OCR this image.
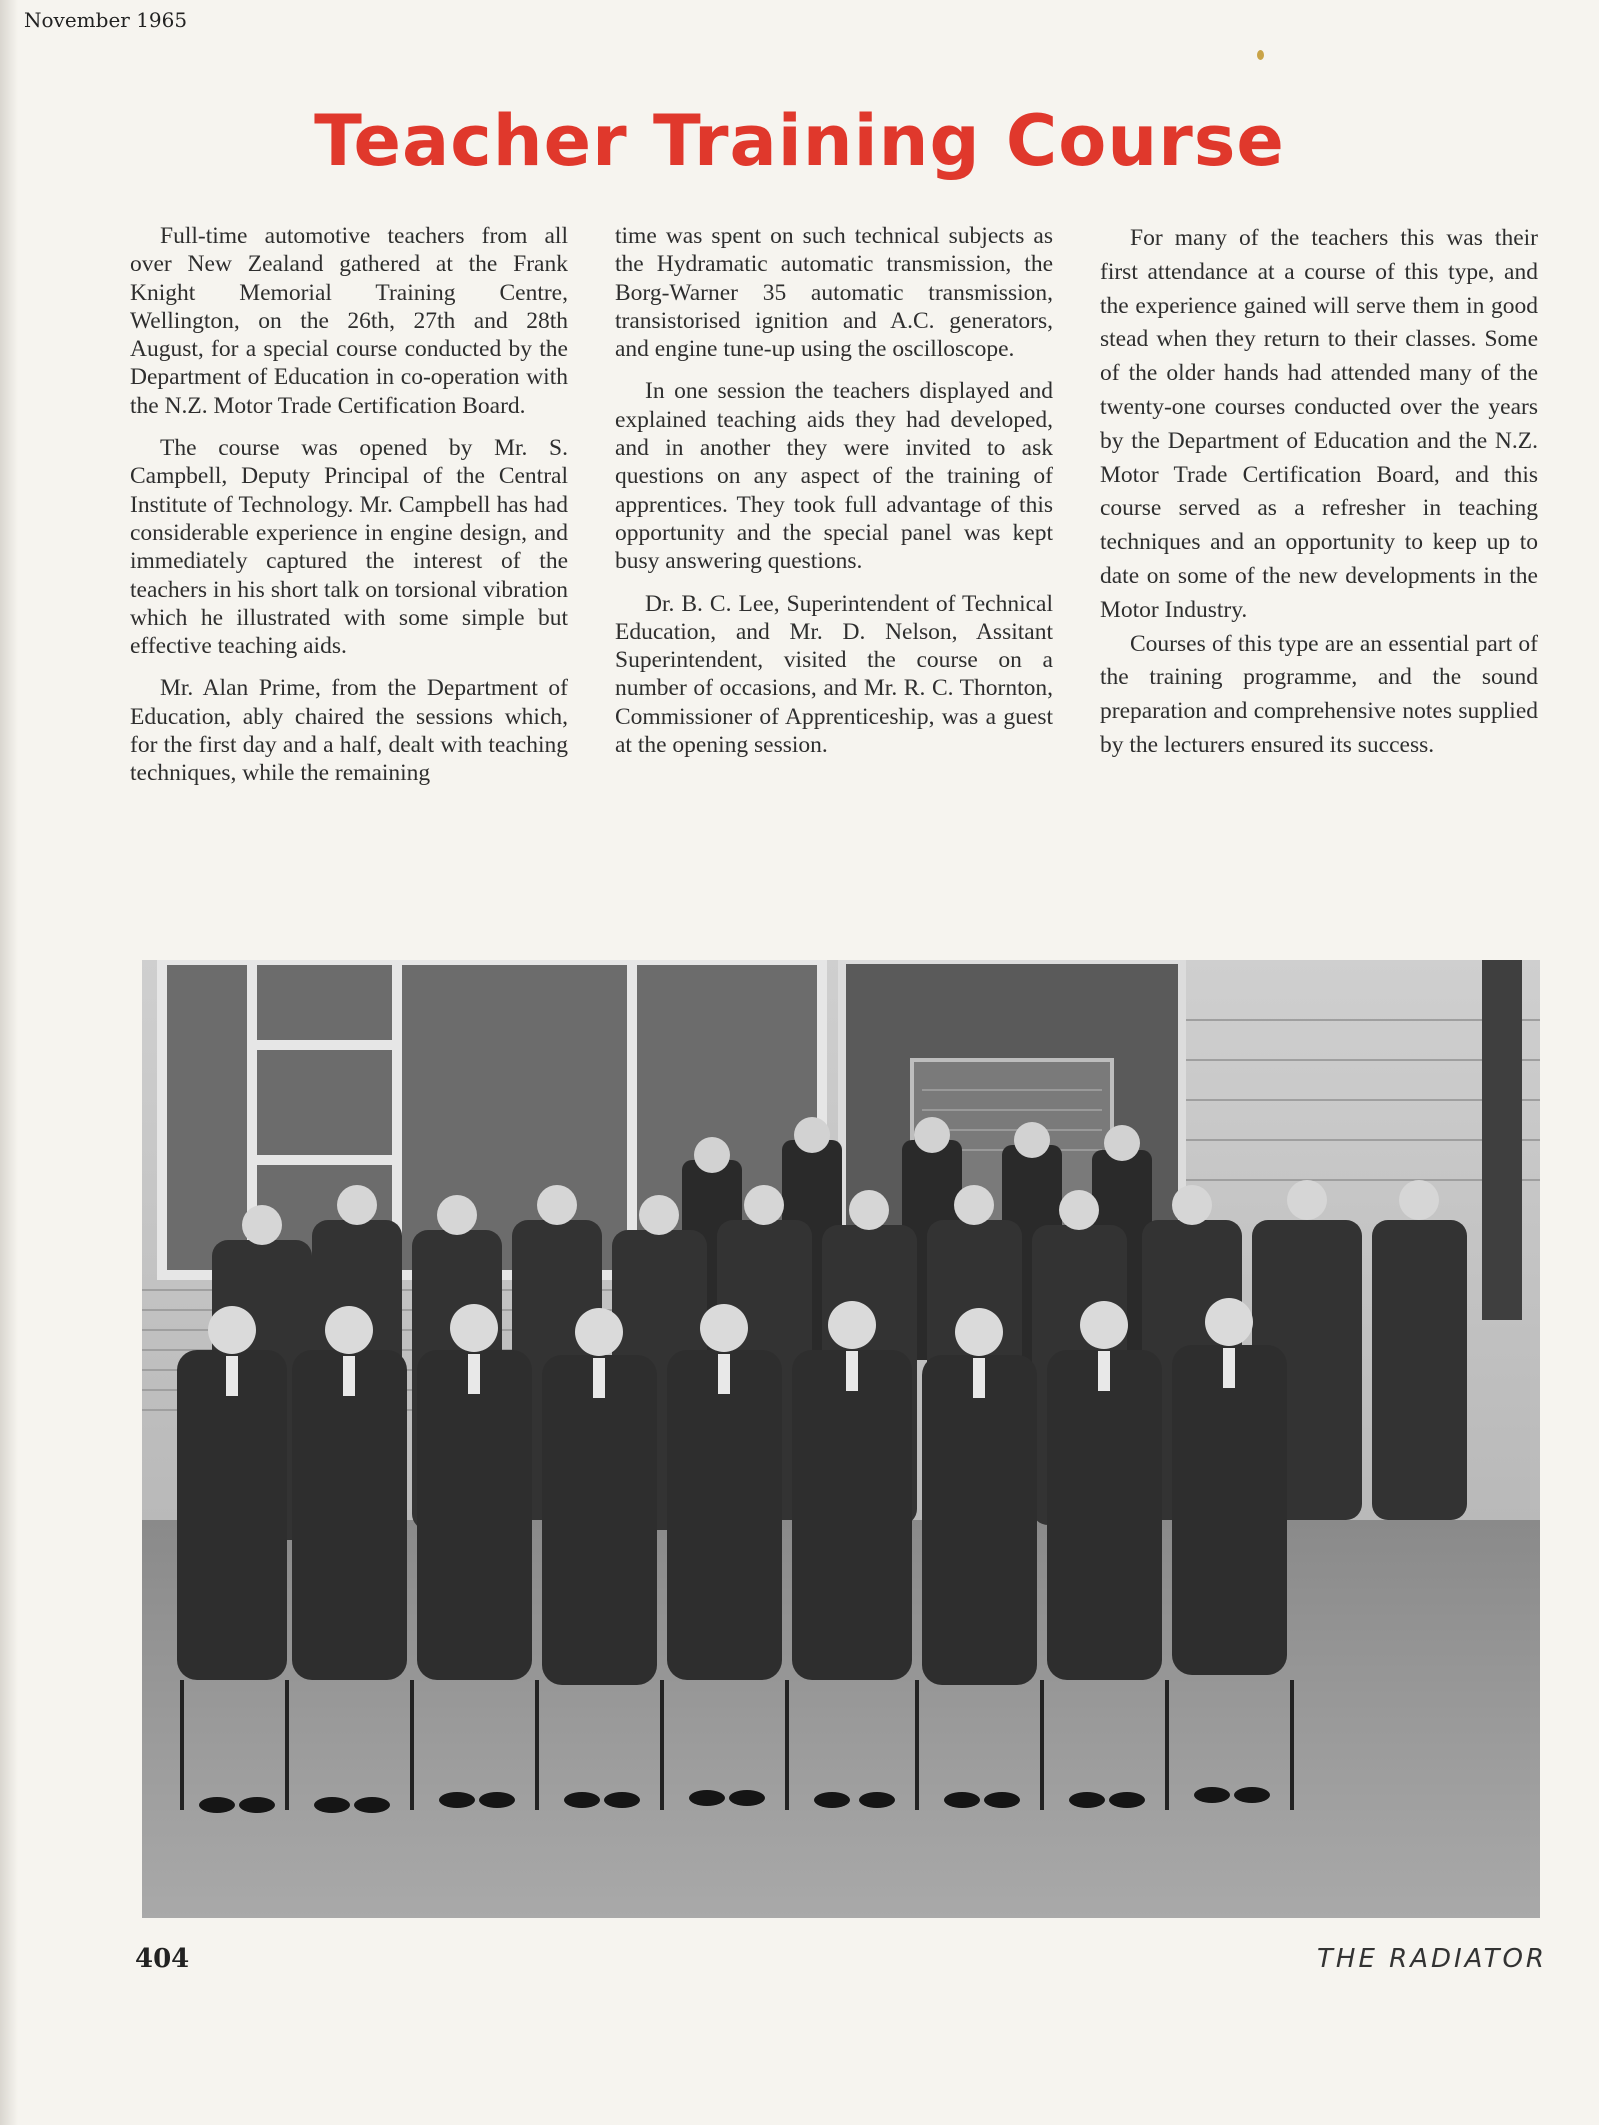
November 1965
Teacher Training Course

Full-time automotive teachers from all over New Zealand gathered at the Frank Knight Memorial Training Centre, Wellington, on the 26th, 27th and 28th August, for a special course conducted by the Department of Education in co-operation with the N.Z. Motor Trade Certification Board.

The course was opened by Mr. S. Campbell, Deputy Principal of the Central Institute of Technology. Mr. Campbell has had considerable experience in engine design, and immediately captured the interest of the teachers in his short talk on torsional vibration which he illustrated with some simple but effective teaching aids.

Mr. Alan Prime, from the Department of Education, ably chaired the sessions which, for the first day and a half, dealt with teaching techniques, while the remaining

time was spent on such technical subjects as the Hydramatic automatic transmission, the Borg-Warner 35 automatic transmission, transistorised ignition and A.C. generators, and engine tune-up using the oscilloscope.

In one session the teachers displayed and explained teaching aids they had developed, and in another they were invited to ask questions on any aspect of the training of apprentices. They took full advantage of this opportunity and the special panel was kept busy answering questions.

Dr. B. C. Lee, Superintendent of Technical Education, and Mr. D. Nelson, Assitant Superintendent, visited the course on a number of occasions, and Mr. R. C. Thornton, Commissioner of Apprenticeship, was a guest at the opening session.

For many of the teachers this was their first attendance at a course of this type, and the experience gained will serve them in good stead when they return to their classes. Some of the older hands had attended many of the twenty-one courses conducted over the years by the Department of Education and the N.Z. Motor Trade Certification Board, and this course served as a refresher in teaching techniques and an opportunity to keep up to date on some of the new developments in the Motor Industry.

Courses of this type are an essential part of the training programme, and the sound preparation and comprehensive notes supplied by the lecturers ensured its success.

404	THE RADIATOR
